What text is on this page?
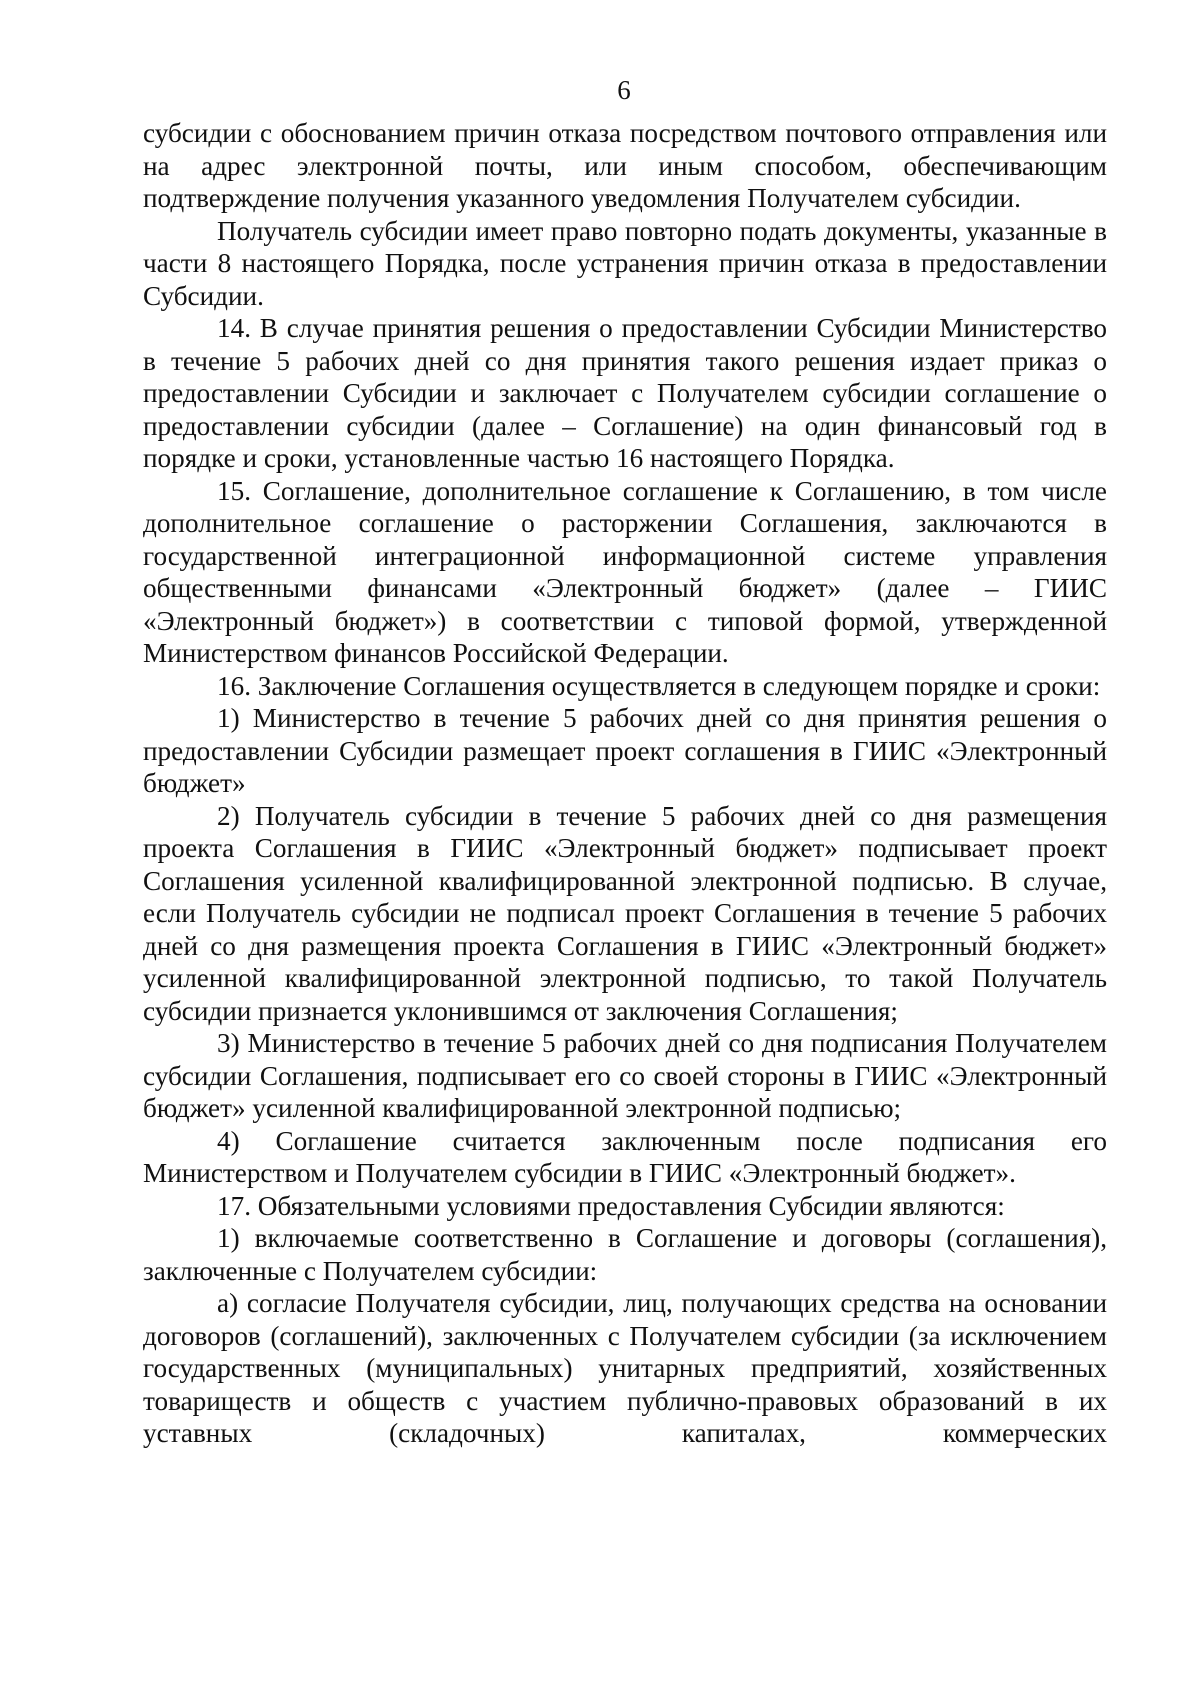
6

субсидии с обоснованием причин отказа посредством почтового отправления или на адрес электронной почты, или иным способом, обеспечивающим подтверждение получения указанного уведомления Получателем субсидии.

Получатель субсидии имеет право повторно подать документы, указанные в части 8 настоящего Порядка, после устранения причин отказа в предоставлении Субсидии.

14. В случае принятия решения о предоставлении Субсидии Министерство в течение 5 рабочих дней со дня принятия такого решения издает приказ о предоставлении Субсидии и заключает с Получателем субсидии соглашение о предоставлении субсидии (далее – Соглашение) на один финансовый год в порядке и сроки, установленные частью 16 настоящего Порядка.

15. Соглашение, дополнительное соглашение к Соглашению, в том числе дополнительное соглашение о расторжении Соглашения, заключаются в государственной интеграционной информационной системе управления общественными финансами «Электронный бюджет» (далее – ГИИС «Электронный бюджет») в соответствии с типовой формой, утвержденной Министерством финансов Российской Федерации.

16. Заключение Соглашения осуществляется в следующем порядке и сроки:

1) Министерство в течение 5 рабочих дней со дня принятия решения о предоставлении Субсидии размещает проект соглашения в ГИИС «Электронный бюджет»

2) Получатель субсидии в течение 5 рабочих дней со дня размещения проекта Соглашения в ГИИС «Электронный бюджет» подписывает проект Соглашения усиленной квалифицированной электронной подписью. В случае, если Получатель субсидии не подписал проект Соглашения в течение 5 рабочих дней со дня размещения проекта Соглашения в ГИИС «Электронный бюджет» усиленной квалифицированной электронной подписью, то такой Получатель субсидии признается уклонившимся от заключения Соглашения;

3) Министерство в течение 5 рабочих дней со дня подписания Получателем субсидии Соглашения, подписывает его со своей стороны в ГИИС «Электронный бюджет» усиленной квалифицированной электронной подписью;

4) Соглашение считается заключенным после подписания его Министерством и Получателем субсидии в ГИИС «Электронный бюджет».

17. Обязательными условиями предоставления Субсидии являются:

1) включаемые соответственно в Соглашение и договоры (соглашения), заключенные с Получателем субсидии:

а) согласие Получателя субсидии, лиц, получающих средства на основании договоров (соглашений), заключенных с Получателем субсидии (за исключением государственных (муниципальных) унитарных предприятий, хозяйственных товариществ и обществ с участием публично-правовых образований в их уставных (складочных) капиталах, коммерческих
